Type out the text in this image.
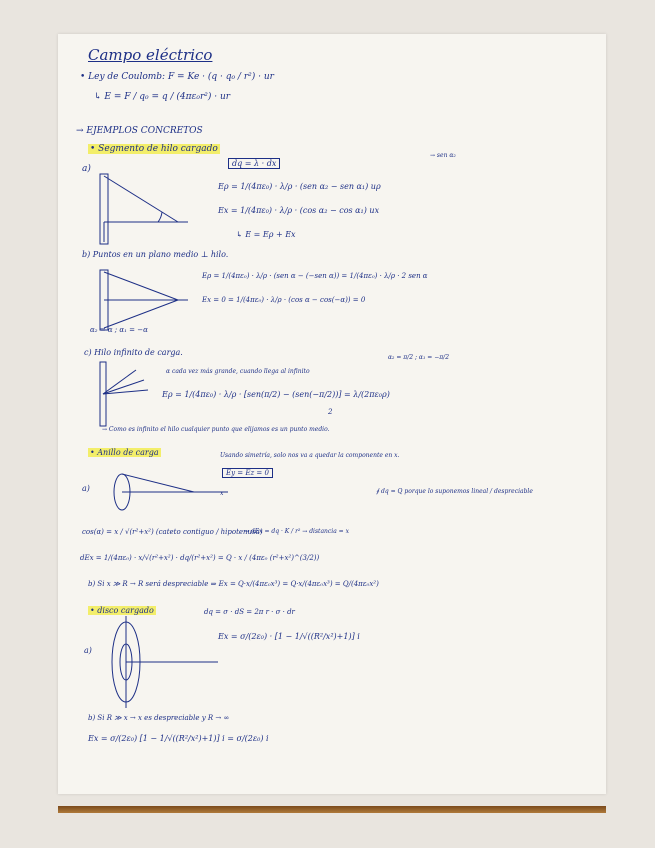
Campo eléctrico
• Ley de Coulomb: F = Ke · (q · q₀ / r²) · ur
↳ E = F / q₀ = q / (4πε₀r²) · ur
→ EJEMPLOS CONCRETOS
• Segmento de hilo cargado
a)
dq = λ · dx
→ sen α₂
Eρ = 1/(4πε₀) · λ/ρ · (sen α₂ − sen α₁) uρ
Ex = 1/(4πε₀) · λ/ρ · (cos α₂ − cos α₁) ux
↳ E = Eρ + Ex
b) Puntos en un plano medio ⊥ hilo.
Eρ = 1/(4πε₀) · λ/ρ · (sen α − (−sen α)) = 1/(4πε₀) · λ/ρ · 2 sen α
Ex = 0 = 1/(4πε₀) · λ/ρ · (cos α − cos(−α)) = 0
α₂ = α ; α₁ = −α
c) Hilo infinito de carga.
α₂ = π/2 ; α₁ = −π/2
α cada vez más grande, cuando llega al infinito
Eρ = 1/(4πε₀) · λ/ρ · [sen(π/2) − (sen(−π/2))] = λ/(2πε₀ρ)
2
→ Como es infinito el hilo cualquier punto que elijamos es un punto medio.
• Anillo de carga	Usando simetría, solo nos va a quedar la componente en x.
Ey = Ez = 0
∮ dq = Q porque lo suponemos lineal / despreciable
a)
x
cos(α) = x / √(r²+x²) (cateto contiguo / hipotenusa)
→ dEx = dq · K / r² → distancia = x
dEx = 1/(4πε₀) · x/√(r²+x²) · dq/(r²+x²) = Q · x / (4πε₀ (r²+x²)^(3/2))
b) Si x ≫ R → R será despreciable ⇒ Ex = Q·x/(4πε₀x³) = Q·x/(4πε₀x³) = Q/(4πε₀x²)
• disco cargado	dq = σ · dS = 2π r · σ · dr
a)
Ex = σ/(2ε₀) · [1 − 1/√((R²/x²)+1)] i
b) Si R ≫ x → x es despreciable y R → ∞
Ex = σ/(2ε₀) [1 − 1/√((R²/x²)+1)] i = σ/(2ε₀) i
